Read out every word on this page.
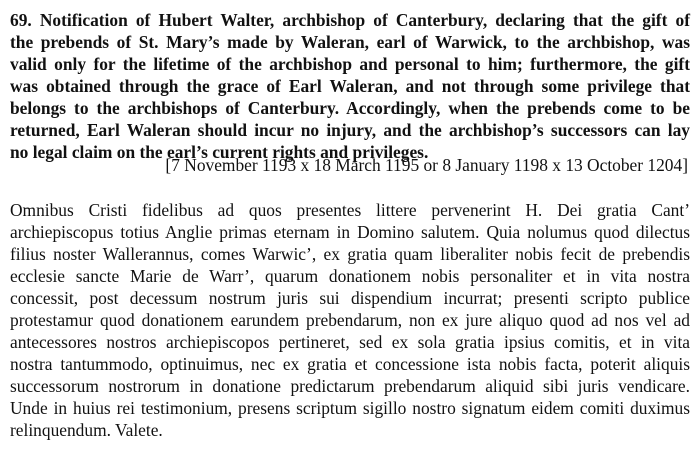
69. Notification of Hubert Walter, archbishop of Canterbury, declaring that the gift of
the prebends of St. Mary’s made by Waleran, earl of Warwick, to the archbishop, was
valid only for the lifetime of the archbishop and personal to him; furthermore, the gift
was obtained through the grace of Earl Waleran, and not through some privilege that
belongs to the archbishops of Canterbury. Accordingly, when the prebends come to be
returned, Earl Waleran should incur no injury, and the archbishop’s successors can lay
no legal claim on the earl’s current rights and privileges.
[7 November 1193 x 18 March 1195 or 8 January 1198 x 13 October 1204]
Omnibus Cristi fidelibus ad quos presentes littere pervenerint H. Dei gratia Cant’
archiepiscopus totius Anglie primas eternam in Domino salutem. Quia nolumus quod dilectus
filius noster Wallerannus, comes Warwic’, ex gratia quam liberaliter nobis fecit de prebendis
ecclesie sancte Marie de Warr’, quarum donationem nobis personaliter et in vita nostra
concessit, post decessum nostrum juris sui dispendium incurrat; presenti scripto publice
protestamur quod donationem earundem prebendarum, non ex jure aliquo quod ad nos vel ad
antecessores nostros archiepiscopos pertineret, sed ex sola gratia ipsius comitis, et in vita
nostra tantummodo, optinuimus, nec ex gratia et concessione ista nobis facta, poterit aliquis
successorum nostrorum in donatione predictarum prebendarum aliquid sibi juris vendicare.
Unde in huius rei testimonium, presens scriptum sigillo nostro signatum eidem comiti duximus
relinquendum. Valete.
